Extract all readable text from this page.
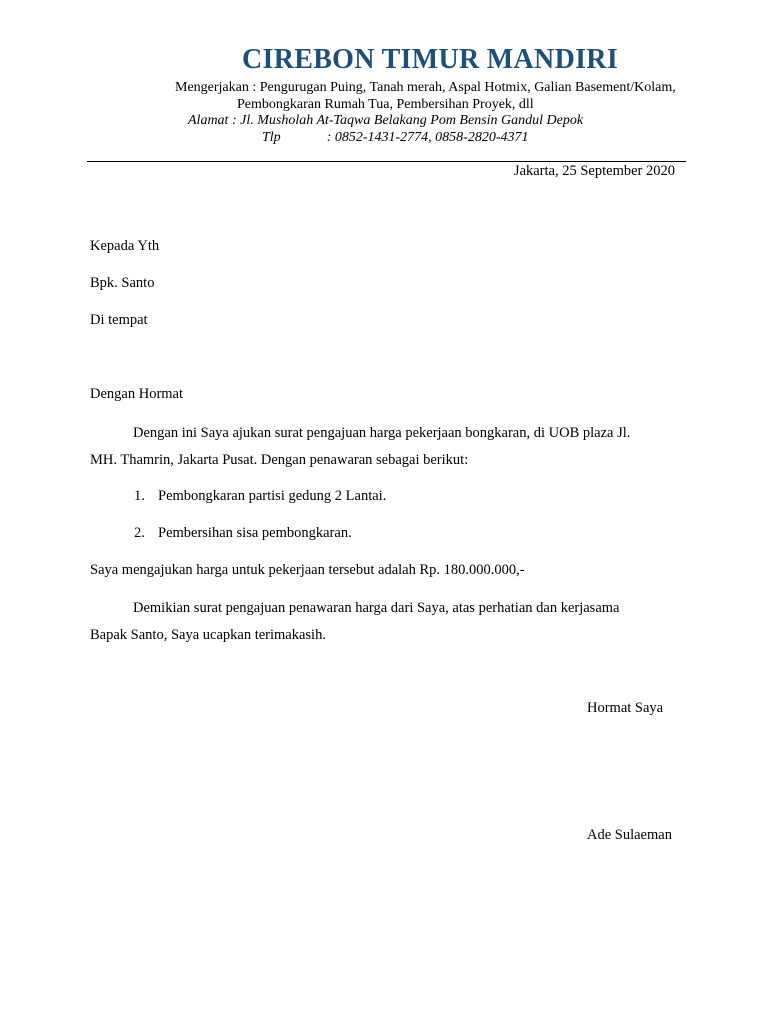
CIREBON TIMUR MANDIRI
Mengerjakan : Pengurugan Puing, Tanah merah, Aspal Hotmix, Galian Basement/Kolam,
Pembongkaran Rumah Tua, Pembersihan Proyek, dll
Alamat : Jl. Musholah At-Taqwa Belakang Pom Bensin Gandul Depok
Tlp	: 0852-1431-2774, 0858-2820-4371
Jakarta, 25 September 2020
Kepada Yth
Bpk. Santo
Di tempat
Dengan Hormat
Dengan ini Saya ajukan surat pengajuan harga pekerjaan bongkaran, di UOB plaza Jl.
MH. Thamrin, Jakarta Pusat. Dengan penawaran sebagai berikut:
1. Pembongkaran partisi gedung 2 Lantai.
2. Pembersihan sisa pembongkaran.
Saya mengajukan harga untuk pekerjaan tersebut adalah Rp. 180.000.000,-
Demikian surat pengajuan penawaran harga dari Saya, atas perhatian dan kerjasama
Bapak Santo, Saya ucapkan terimakasih.
Hormat Saya
Ade Sulaeman
